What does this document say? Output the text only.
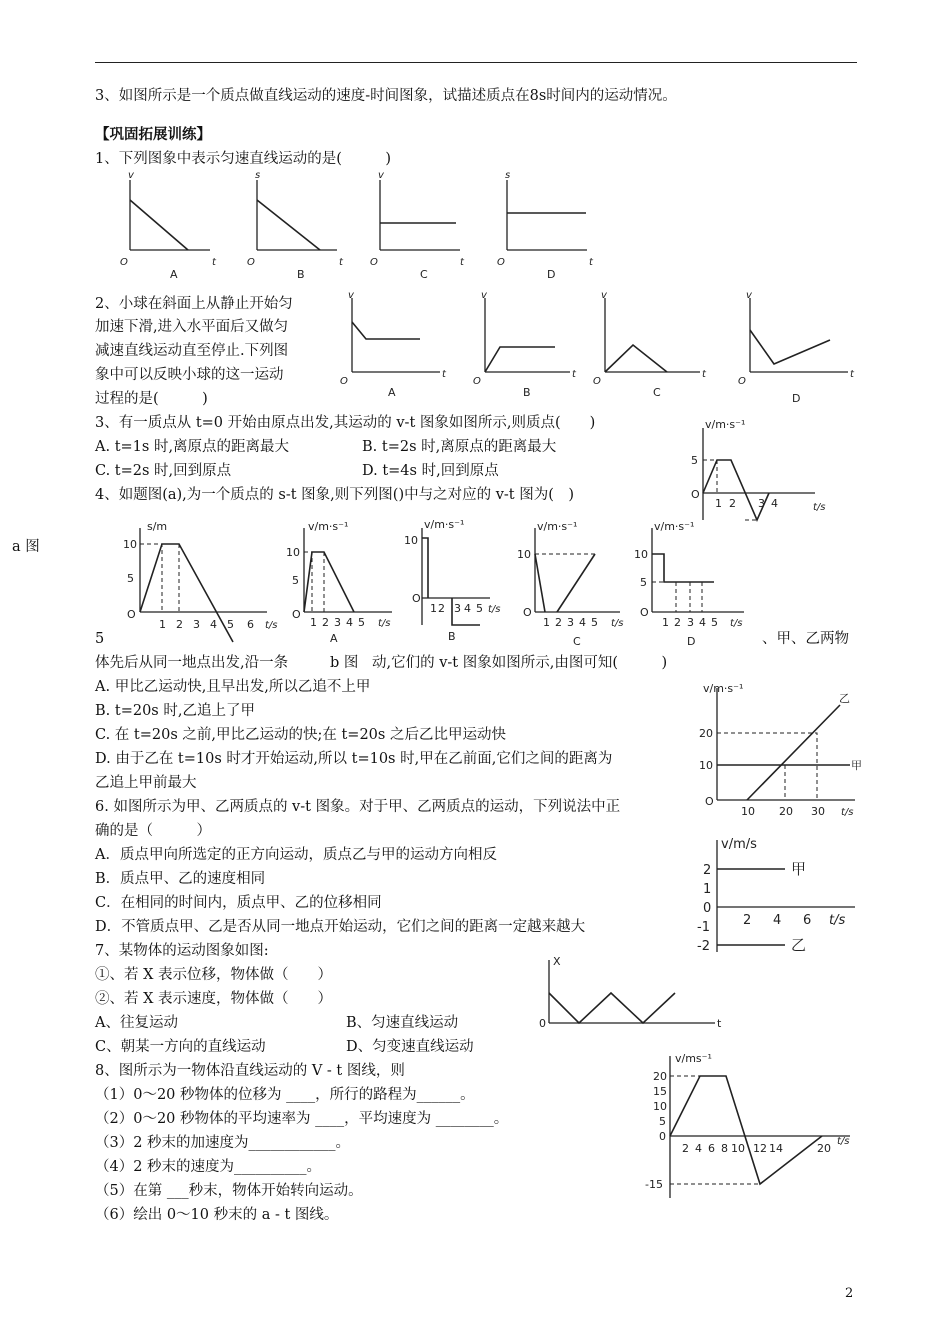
3、如图所示是一个质点做直线运动的速度-时间图象，试描述质点在8s时间内的运动情况。
【巩固拓展训练】
1、下列图象中表示匀速直线运动的是(　　　)
v
O	t
A
s
O	t
B
v
O	t
C
s
O	t
D
2、小球在斜面上从静止开始匀
加速下滑,进入水平面后又做匀
减速直线运动直至停止.下列图
象中可以反映小球的这一运动
过程的是(　　　)
v
O
t
A
v
O
t
B
v
O
t
C
v
O
t
D
3、有一质点从 t=0 开始由原点出发,其运动的 v-t 图象如图所示,则质点(　　)
A. t=1s 时,离原点的距离最大	B. t=2s 时,离原点的距离最大
C. t=2s 时,回到原点	D. t=4s 时,回到原点
v/m·s⁻¹
5
O
1 2 3 4	t/s
4、如题图(a),为一个质点的 s-t 图象,则下列图()中与之对应的 v-t 图为(　)
a 图
s/m
10
5
O
1 2 3 4 5 6 t/s
v/m·s⁻¹
10
5
O
1 2 3 4 5 t/s
A
v/m·s⁻¹
10
O
1 2 3 4 5 t/s
B
v/m·s⁻¹
10
O
1 2 3 4 5 t/s
C
v/m·s⁻¹
10
5
O
1 2 3 4 5 t/s
D
5	、甲、乙两物
体先后从同一地点出发,沿一条	b 图 动,它们的 v-t 图象如图所示,由图可知(　　　)
A. 甲比乙运动快,且早出发,所以乙追不上甲
B. t=20s 时,乙追上了甲
C. 在 t=20s 之前,甲比乙运动的快;在 t=20s 之后乙比甲运动快
D. 由于乙在 t=10s 时才开始运动,所以 t=10s 时,甲在乙前面,它们之间的距离为
乙追上甲前最大
v/m·s⁻¹
20
10
O
10 20 30 t/s
乙
甲
6. 如图所示为甲、乙两质点的 v-t 图象。对于甲、乙两质点的运动，下列说法中正
确的是（　　　）
A．质点甲向所选定的正方向运动，质点乙与甲的运动方向相反
B．质点甲、乙的速度相同
C．在相同的时间内，质点甲、乙的位移相同
D．不管质点甲、乙是否从同一地点开始运动，它们之间的距离一定越来越大
v/m/s
2
1
0
-1
-2
2 4 6 t/s
甲
乙
7、某物体的运动图象如图:
①、若 X 表示位移，物体做（　　）
②、若 X 表示速度，物体做（　　）
A、往复运动	B、匀速直线运动
C、朝某一方向的直线运动	D、匀变速直线运动
X
0	t
8、图所示为一物体沿直线运动的 V - t 图线，则
（1）0～20 秒物体的位移为 ____，所行的路程为______。
（2）0～20 秒物体的平均速率为 ____，平均速度为 ________。
（3）2 秒末的加速度为____________。
（4）2 秒末的速度为__________。
（5）在第 ___秒末，物体开始转向运动。
（6）绘出 0～10 秒末的 a - t 图线。
v/ms⁻¹
20
15
10
5
0
-15
2 4 6 8 10 12 14	20
t/s
2
